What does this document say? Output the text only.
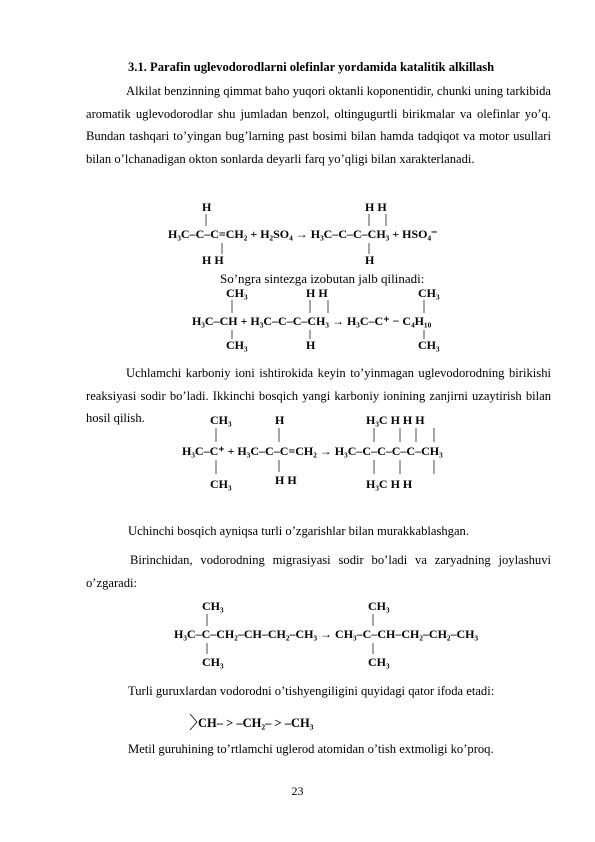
3.1. Parafin uglevodorodlarni olefinlar yordamida katalitik alkillash
Alkilat benzinning qimmat baho yuqori oktanli koponentidir, chunki uning tarkibida aromatik uglevodorodlar shu jumladan benzol, oltingugurtli birikmalar va olefinlar yo’q. Bundan tashqari to’yingan bug’larning past bosimi bilan hamda tadqiqot va motor usullari bilan o’lchanadigan okton sonlarda deyarli farq yo’qligi bilan xarakterlanadi.
H	H H
H₃C–C–C=CH₂ + H₂SO₄ → H₃C–C–C–CH₃ + HSO₄⁻
H H	H
So’ngra sintezga izobutan jalb qilinadi:
CH₃	H H	CH₃
H₃C–CH + H₃C–C–C–CH₃ → H₃C–C⁺ − C₄H₁₀
CH₃	H	CH₃
Uchlamchi karboniy ioni ishtirokida keyin to’yinmagan uglevodorodning birikishi reaksiyasi sodir bo’ladi. Ikkinchi bosqich yangi karboniy ionining zanjirni uzaytirish bilan hosil qilish.	CH₃	H	H₃C H H H
H₃C–C⁺ + H₃C–C–C=CH₂ → H₃C–C–C–C–C–CH₃
CH₃	H H	H₃C H H
Uchinchi bosqich ayniqsa turli o’zgarishlar bilan murakkablashgan.
Birinchidan, vodorodning migrasiyasi sodir bo’ladi va zaryadning joylashuvi o’zgaradi:
CH₃	CH₃
H₃C–C–CH₂–CH–CH₂–CH₃ → CH₃–C–CH–CH₂–CH₂–CH₃
CH₃	CH₃
Turli guruxlardan vodorodni o’tishyengiligini quyidagi qator ifoda etadi:
CH– > –CH₂– > –CH₃
Metil guruhining to’rtlamchi uglerod atomidan o’tish extmoligi ko’proq.
23
